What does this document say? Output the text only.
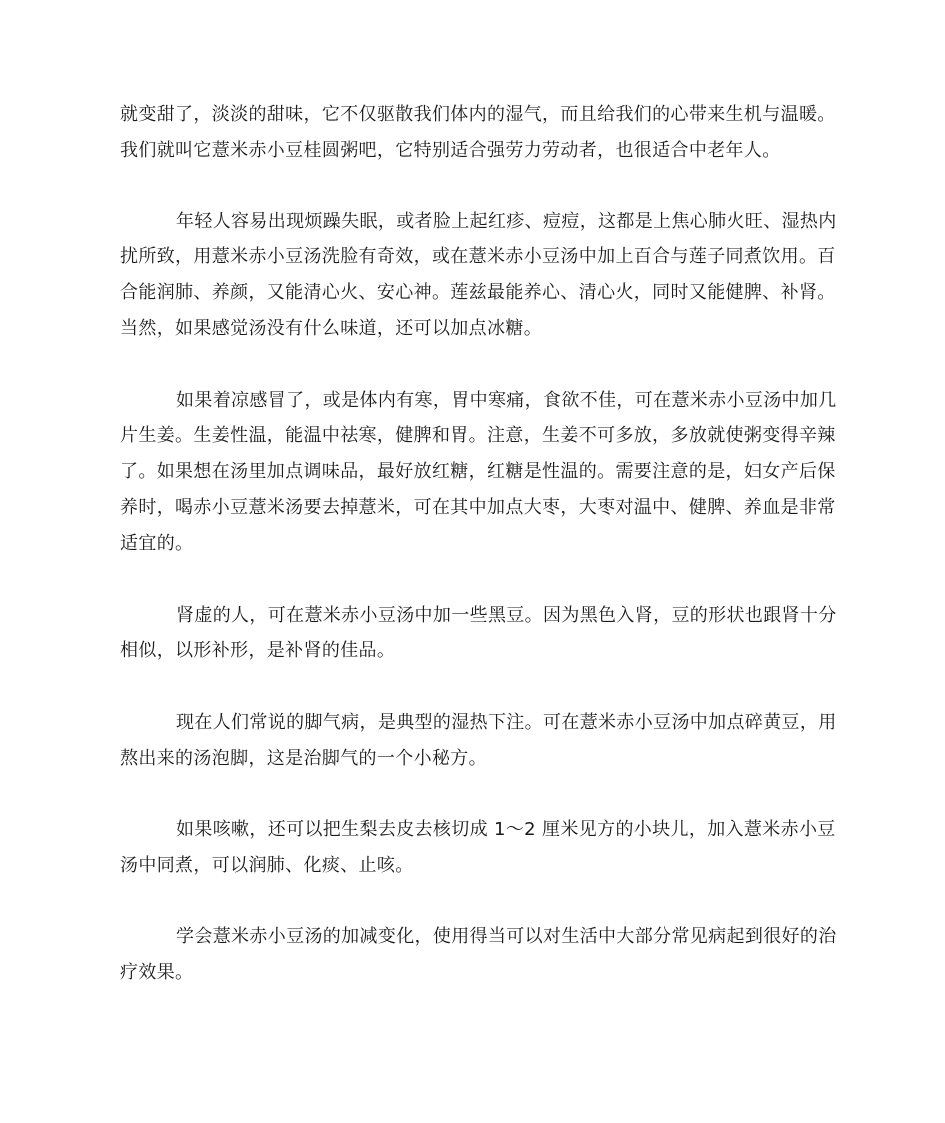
就变甜了，淡淡的甜味，它不仅驱散我们体内的湿气，而且给我们的心带来生机与温暖。
我们就叫它薏米赤小豆桂圆粥吧，它特别适合强劳力劳动者，也很适合中老年人。
年轻人容易出现烦躁失眠，或者脸上起红疹、痘痘，这都是上焦心肺火旺、湿热内
扰所致，用薏米赤小豆汤洗脸有奇效，或在薏米赤小豆汤中加上百合与莲子同煮饮用。百
合能润肺、养颜，又能清心火、安心神。莲兹最能养心、清心火，同时又能健脾、补肾。
当然，如果感觉汤没有什么味道，还可以加点冰糖。
如果着凉感冒了，或是体内有寒，胃中寒痛，食欲不佳，可在薏米赤小豆汤中加几
片生姜。生姜性温，能温中祛寒，健脾和胃。注意，生姜不可多放，多放就使粥变得辛辣
了。如果想在汤里加点调味品，最好放红糖，红糖是性温的。需要注意的是，妇女产后保
养时，喝赤小豆薏米汤要去掉薏米，可在其中加点大枣，大枣对温中、健脾、养血是非常
适宜的。
肾虚的人，可在薏米赤小豆汤中加一些黑豆。因为黑色入肾，豆的形状也跟肾十分
相似，以形补形，是补肾的佳品。
现在人们常说的脚气病，是典型的湿热下注。可在薏米赤小豆汤中加点碎黄豆，用
熬出来的汤泡脚，这是治脚气的一个小秘方。
如果咳嗽，还可以把生梨去皮去核切成 1～2 厘米见方的小块儿，加入薏米赤小豆
汤中同煮，可以润肺、化痰、止咳。
学会薏米赤小豆汤的加减变化，使用得当可以对生活中大部分常见病起到很好的治
疗效果。
